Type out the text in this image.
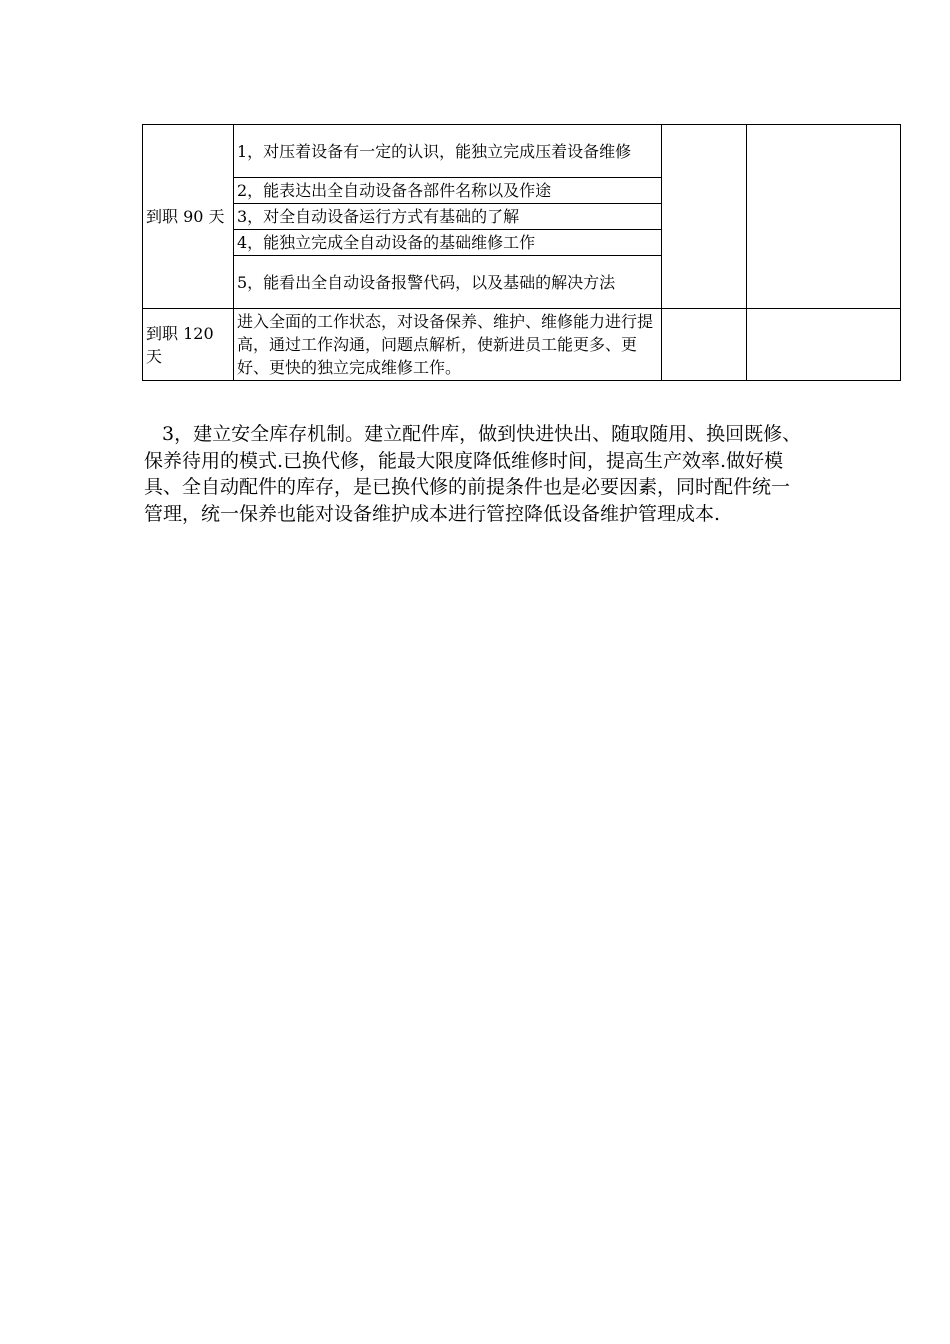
到职 90 天	1，对压着设备有一定的认识，能独立完成压着设备维修		
	2，能表达出全自动设备各部件名称以及作途		
	3，对全自动设备运行方式有基础的了解		
	4，能独立完成全自动设备的基础维修工作		
	5，能看出全自动设备报警代码，以及基础的解决方法		
到职 120 天	进入全面的工作状态，对设备保养、维护、维修能力进行提高，通过工作沟通，问题点解析，使新进员工能更多、更好、更快的独立完成维修工作。		

3，建立安全库存机制。建立配件库，做到快进快出、随取随用、换回既修、保养待用的模式.已换代修，能最大限度降低维修时间，提高生产效率.做好模具、全自动配件的库存，是已换代修的前提条件也是必要因素，同时配件统一管理，统一保养也能对设备维护成本进行管控降低设备维护管理成本.
